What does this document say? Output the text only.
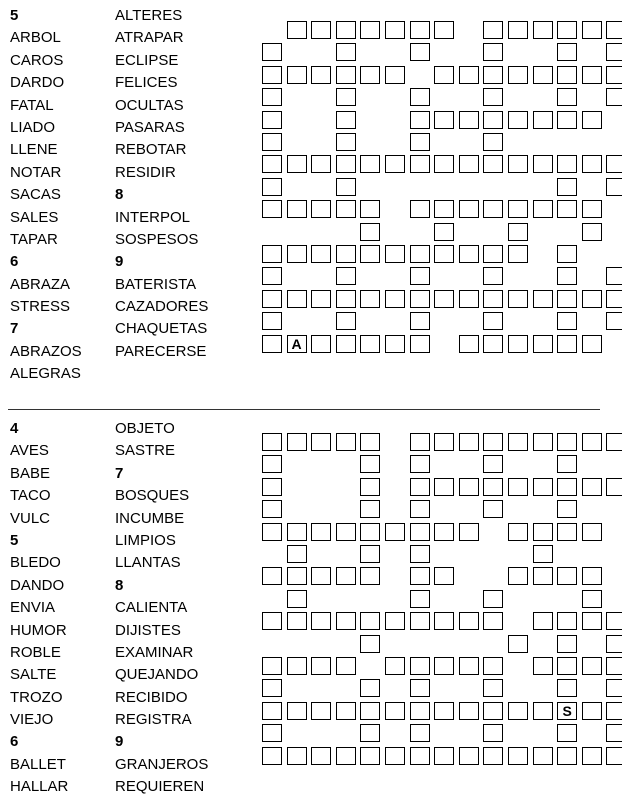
5
ARBOL
CAROS
DARDO
FATAL
LIADO
LLENE
NOTAR
SACAS
SALES
TAPAR
6
ABRAZA
STRESS
7
ABRAZOS
ALEGRAS
ALTERES
ATRAPAR
ECLIPSE
FELICES
OCULTAS
PASARAS
REBOTAR
RESIDIR
8
INTERPOL
SOSPESOS
9
BATERISTA
CAZADORES
CHAQUETAS
PARECERSE	A
4
AVES
BABE
TACO
VULC
5
BLEDO
DANDO
ENVIA
HUMOR
ROBLE
SALTE
TROZO
VIEJO
6
BALLET
HALLAR
OBJETO
SASTRE
7
BOSQUES
INCUMBE
LIMPIOS
LLANTAS
8
CALIENTA
DIJISTES
EXAMINAR
QUEJANDO
RECIBIDO
REGISTRA
9
GRANJEROS
REQUIEREN
S
